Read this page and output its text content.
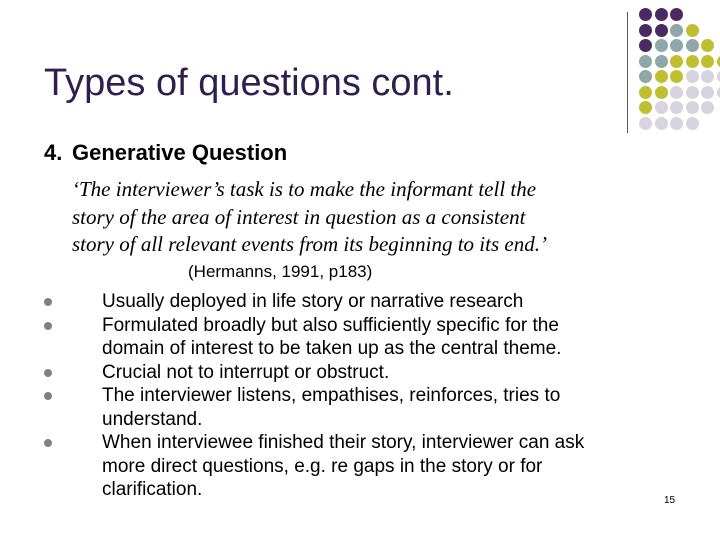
Types of questions cont.
4. Generative Question
‘The interviewer’s task is to make the informant tell the
story of the area of interest in question as a consistent
story of all relevant events from its beginning to its end.’
(Hermanns, 1991, p183)
Usually deployed in life story or narrative research
Formulated broadly but also sufficiently specific for the
domain of interest to be taken up as the central theme.
Crucial not to interrupt or obstruct.
The interviewer listens, empathises, reinforces, tries to
understand.
When interviewee finished their story, interviewer can ask
more direct questions, e.g. re gaps in the story or for
clarification.
15
